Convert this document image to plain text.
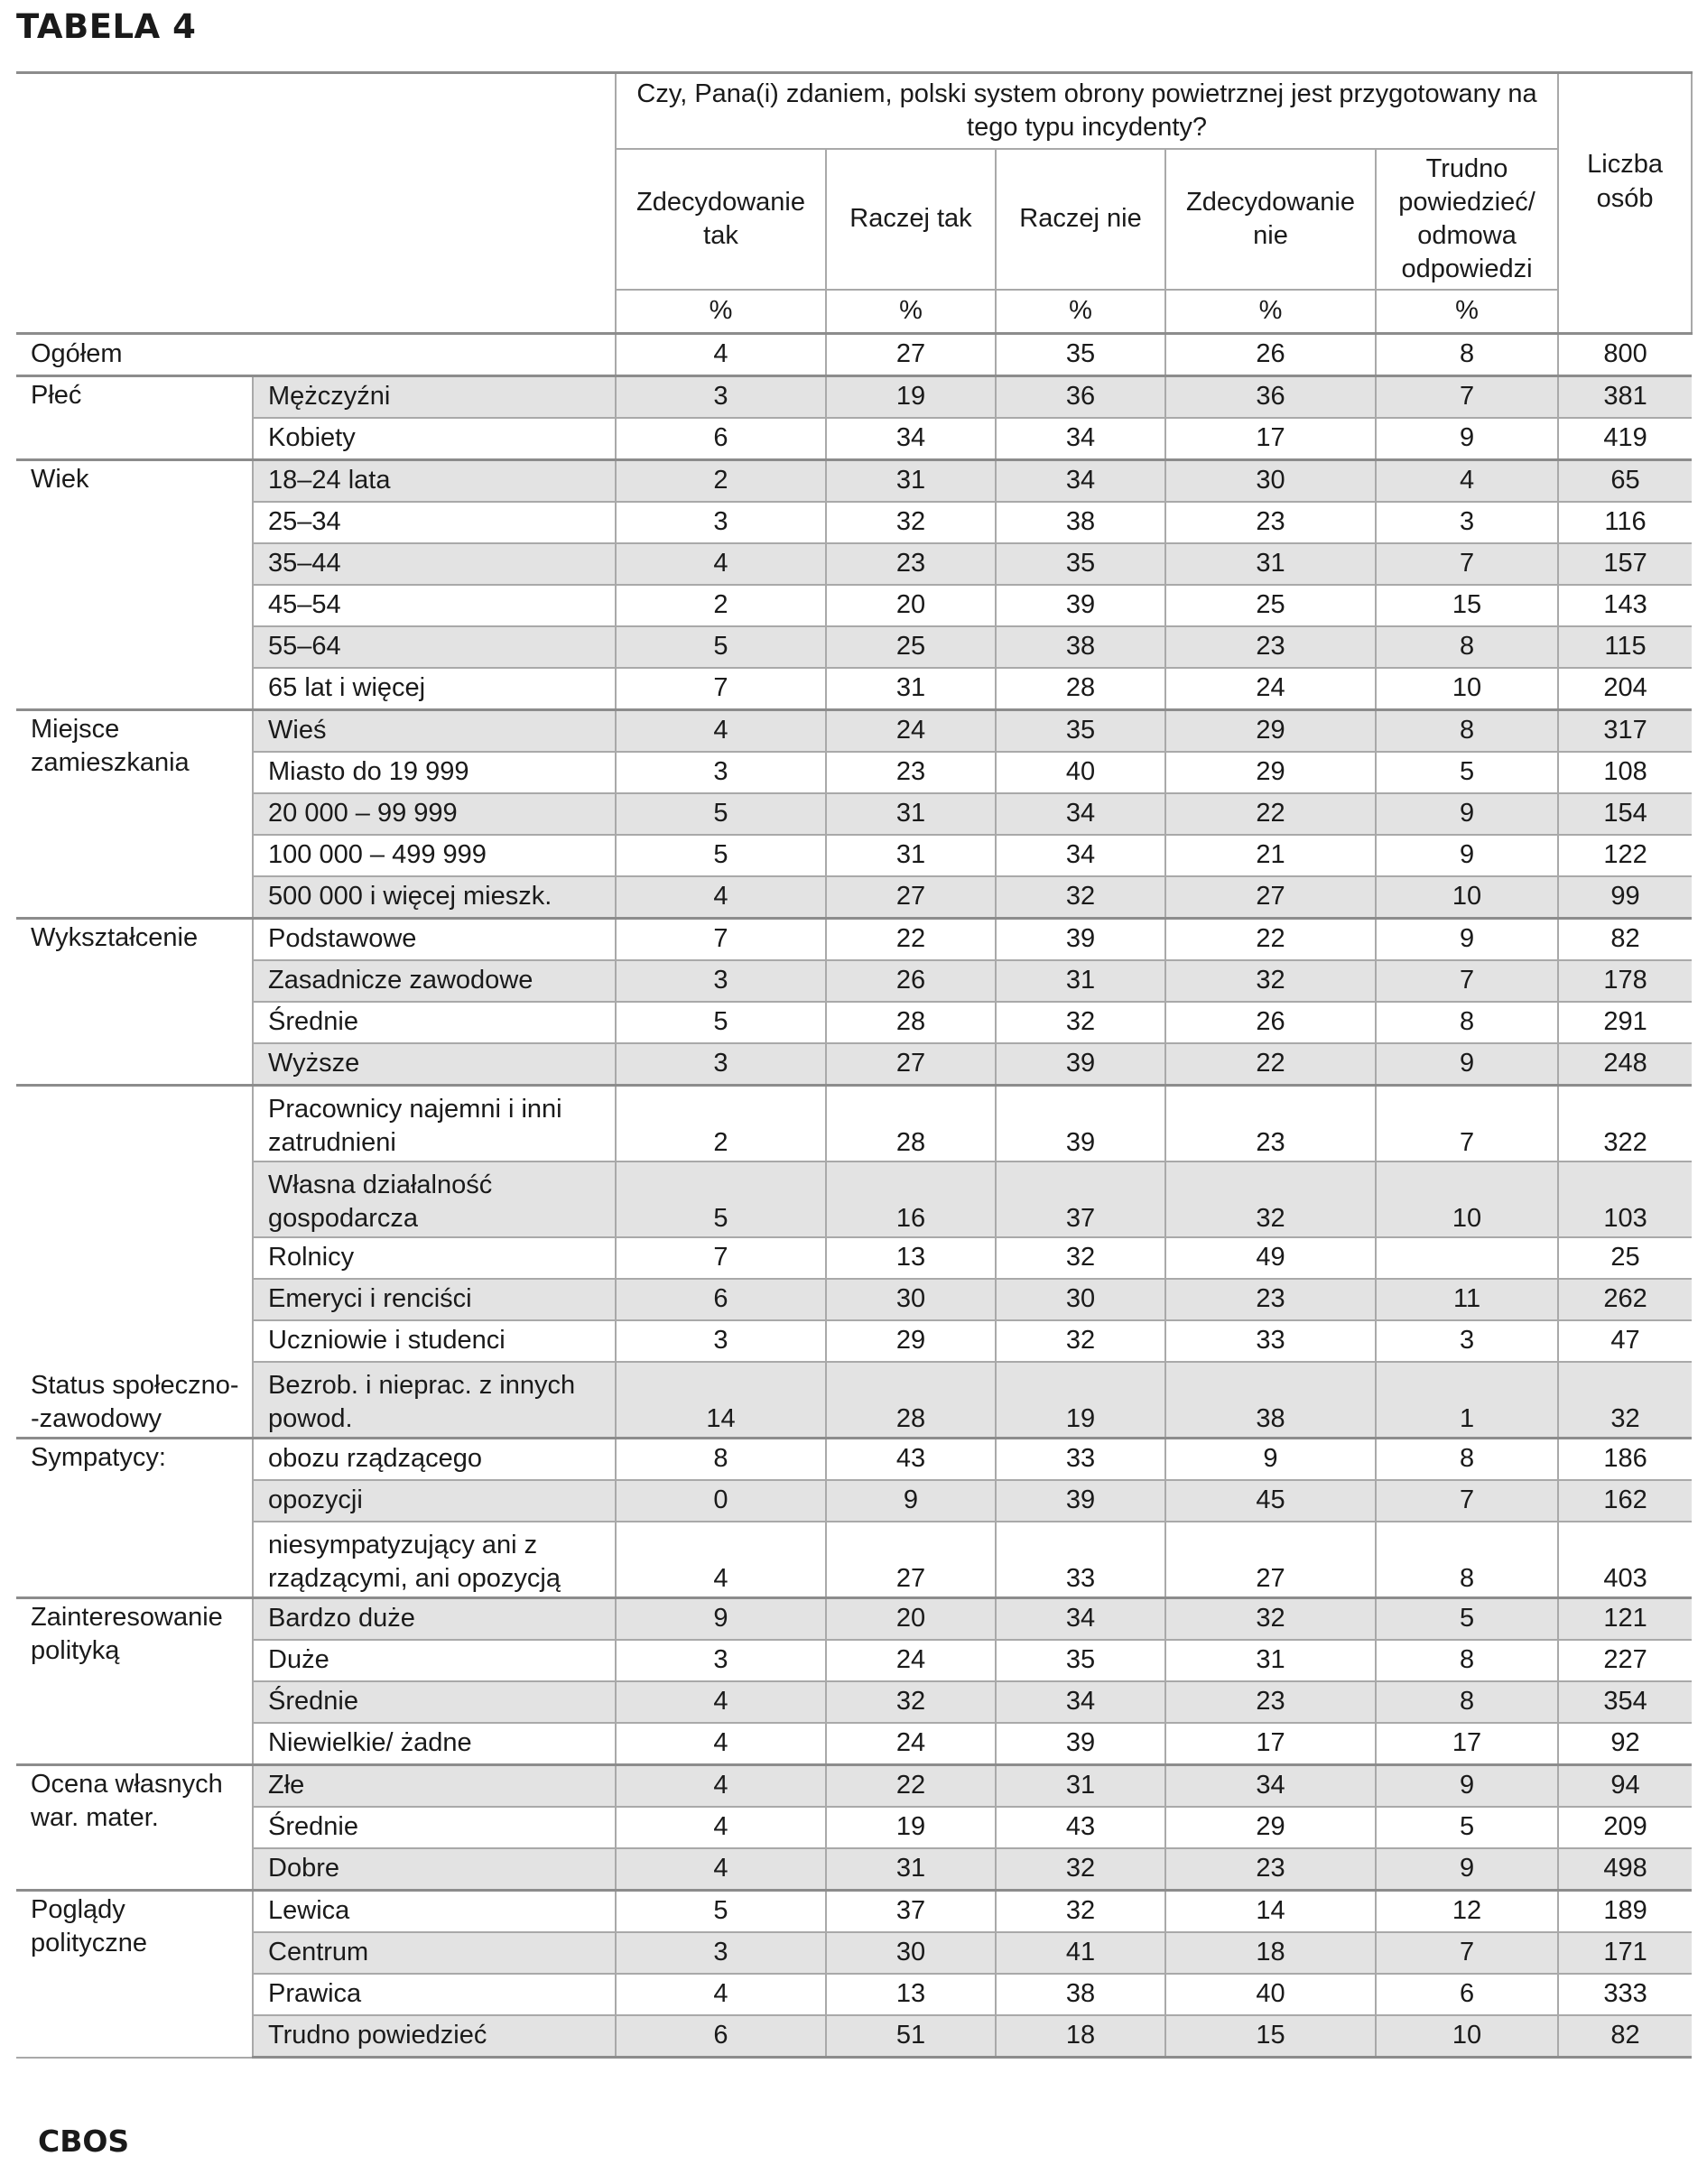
TABELA 4
		Czy, Pana(i) zdaniem, polski system obrony powietrznej jest przygotowany na tego typu incydenty?					Liczba osób
		Zdecydowanie tak	Raczej tak	Raczej nie	Zdecydowanie nie	Trudno powiedzieć/ odmowa odpowiedzi	
		%	%	%	%	%	
Ogółem		4	27	35	26	8	800
Płeć	Mężczyźni	3	19	36	36	7	381
	Kobiety	6	34	34	17	9	419
Wiek	18–24 lata	2	31	34	30	4	65
	25–34	3	32	38	23	3	116
	35–44	4	23	35	31	7	157
	45–54	2	20	39	25	15	143
	55–64	5	25	38	23	8	115
	65 lat i więcej	7	31	28	24	10	204
Miejsce zamieszkania	Wieś	4	24	35	29	8	317
	Miasto do 19 999	3	23	40	29	5	108
	20 000 – 99 999	5	31	34	22	9	154
	100 000 – 499 999	5	31	34	21	9	122
	500 000 i więcej mieszk.	4	27	32	27	10	99
Wykształcenie	Podstawowe	7	22	39	22	9	82
	Zasadnicze zawodowe	3	26	31	32	7	178
	Średnie	5	28	32	26	8	291
	Wyższe	3	27	39	22	9	248
Status społeczno- -zawodowy	Pracownicy najemni i inni zatrudnieni	2	28	39	23	7	322
	Własna działalność gospodarcza	5	16	37	32	10	103
	Rolnicy	7	13	32	49		25
	Emeryci i renciści	6	30	30	23	11	262
	Uczniowie i studenci	3	29	32	33	3	47
	Bezrob. i nieprac. z innych powod.	14	28	19	38	1	32
Sympatycy:	obozu rządzącego	8	43	33	9	8	186
	opozycji	0	9	39	45	7	162
	niesympatyzujący ani z rządzącymi, ani opozycją	4	27	33	27	8	403
Zainteresowanie polityką	Bardzo duże	9	20	34	32	5	121
	Duże	3	24	35	31	8	227
	Średnie	4	32	34	23	8	354
	Niewielkie/ żadne	4	24	39	17	17	92
Ocena własnych war. mater.	Złe	4	22	31	34	9	94
	Średnie	4	19	43	29	5	209
	Dobre	4	31	32	23	9	498
Poglądy polityczne	Lewica	5	37	32	14	12	189
	Centrum	3	30	41	18	7	171
	Prawica	4	13	38	40	6	333
	Trudno powiedzieć	6	51	18	15	10	82

CBOS
